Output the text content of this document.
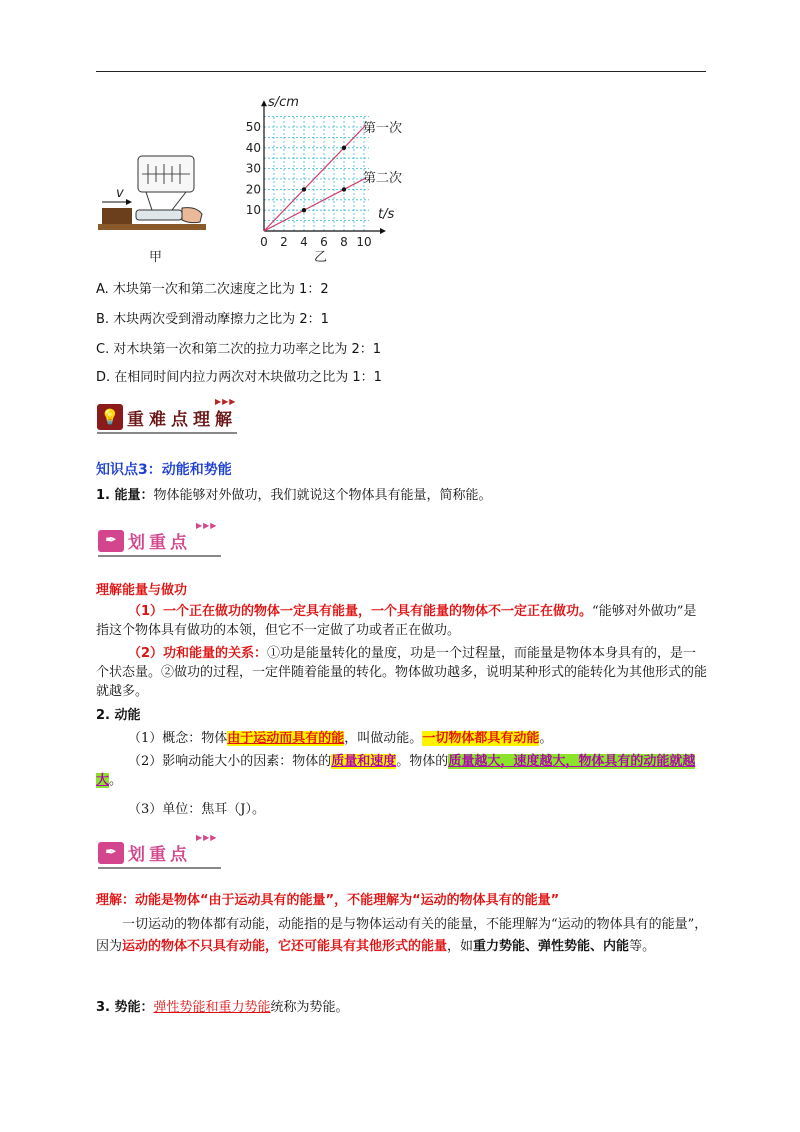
v
甲
50
40
30
20
10
0 2 4 6 8 10
s/cm
t/s
第一次
第二次
乙
A. 木块第一次和第二次速度之比为 1：2
B. 木块两次受到滑动摩擦力之比为 2：1
C. 对木块第一次和第二次的拉力功率之比为 2：1
D. 在相同时间内拉力两次对木块做功之比为 1：1
💡 重难点理解
▶▶▶
知识点3：动能和势能
1. 能量：物体能够对外做功，我们就说这个物体具有能量，简称能。
✒ 划重点
▶▶▶
理解能量与做功
（1）一个正在做功的物体一定具有能量，一个具有能量的物体不一定正在做功。“能够对外做功”是指这个物体具有做功的本领，但它不一定做了功或者正在做功。
（2）功和能量的关系：①功是能量转化的量度，功是一个过程量，而能量是物体本身具有的，是一个状态量。②做功的过程，一定伴随着能量的转化。物体做功越多，说明某种形式的能转化为其他形式的能就越多。
2. 动能
（1）概念：物体由于运动而具有的能，叫做动能。一切物体都具有动能。
（2）影响动能大小的因素：物体的质量和速度。物体的质量越大，速度越大，物体具有的动能就越大。
（3）单位：焦耳（J）。
✒ 划重点
▶▶▶
理解：动能是物体“由于运动具有的能量”，不能理解为“运动的物体具有的能量”
一切运动的物体都有动能，动能指的是与物体运动有关的能量，不能理解为“运动的物体具有的能量”，因为运动的物体不只具有动能，它还可能具有其他形式的能量，如重力势能、弹性势能、内能等。
3. 势能：弹性势能和重力势能统称为势能。
